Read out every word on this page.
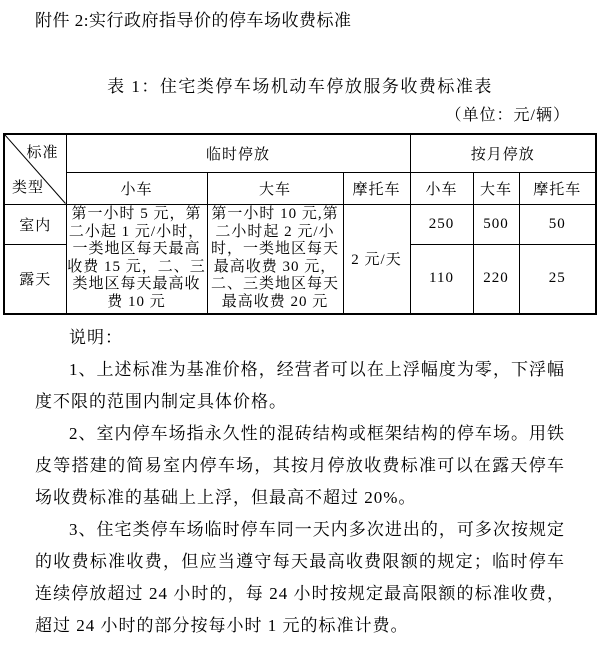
附件 2:实行政府指导价的停车场收费标准
表 1：住宅类停车场机动车停放服务收费标准表
（单位：元/辆）
标准
类型	临时停放			按月停放		
	小车	大车	摩托车	小车	大车	摩托车
室内	第一小时 5 元，第二小起 1 元/小时，一类地区每天最高收费 15 元，二、三类地区每天最高收费 10 元	第一小时 10 元,第二小时起 2 元/小时，一类地区每天最高收费 30 元，二、三类地区每天最高收费 20 元	2 元/天	250	500	50
露天				110	220	25
说明：

1、上述标准为基准价格，经营者可以在上浮幅度为零，下浮幅度不限的范围内制定具体价格。

2、室内停车场指永久性的混砖结构或框架结构的停车场。用铁皮等搭建的简易室内停车场，其按月停放收费标准可以在露天停车场收费标准的基础上上浮，但最高不超过 20%。

3、住宅类停车场临时停车同一天内多次进出的，可多次按规定的收费标准收费，但应当遵守每天最高收费限额的规定；临时停车连续停放超过 24 小时的，每 24 小时按规定最高限额的标准收费，超过 24 小时的部分按每小时 1 元的标准计费。
